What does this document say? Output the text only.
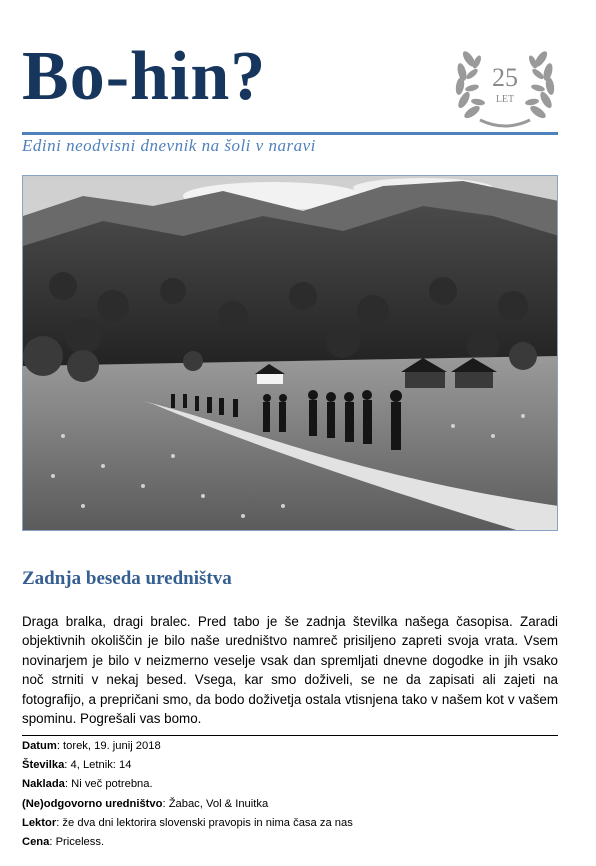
Bo-hin?	25
LET
Edini neodvisni dnevnik na šoli v naravi
Zadnja beseda uredništva

Draga bralka, dragi bralec. Pred tabo je še zadnja številka našega časopisa. Zaradi objektivnih okoliščin je bilo naše uredništvo namreč prisiljeno zapreti svoja vrata. Vsem novinarjem je bilo v neizmerno veselje vsak dan spremljati dnevne dogodke in jih vsako noč strniti v nekaj besed. Vsega, kar smo doživeli, se ne da zapisati ali zajeti na fotografijo, a prepričani smo, da bodo doživetja ostala vtisnjena tako v našem kot v vašem spominu. Pogrešali vas bomo.

Datum: torek, 19. junij 2018

Številka: 4, Letnik: 14

Naklada: Ni več potrebna.

(Ne)odgovorno uredništvo: Žabac, Vol & Inuitka

Lektor: že dva dni lektorira slovenski pravopis in nima časa za nas

Cena: Priceless.
